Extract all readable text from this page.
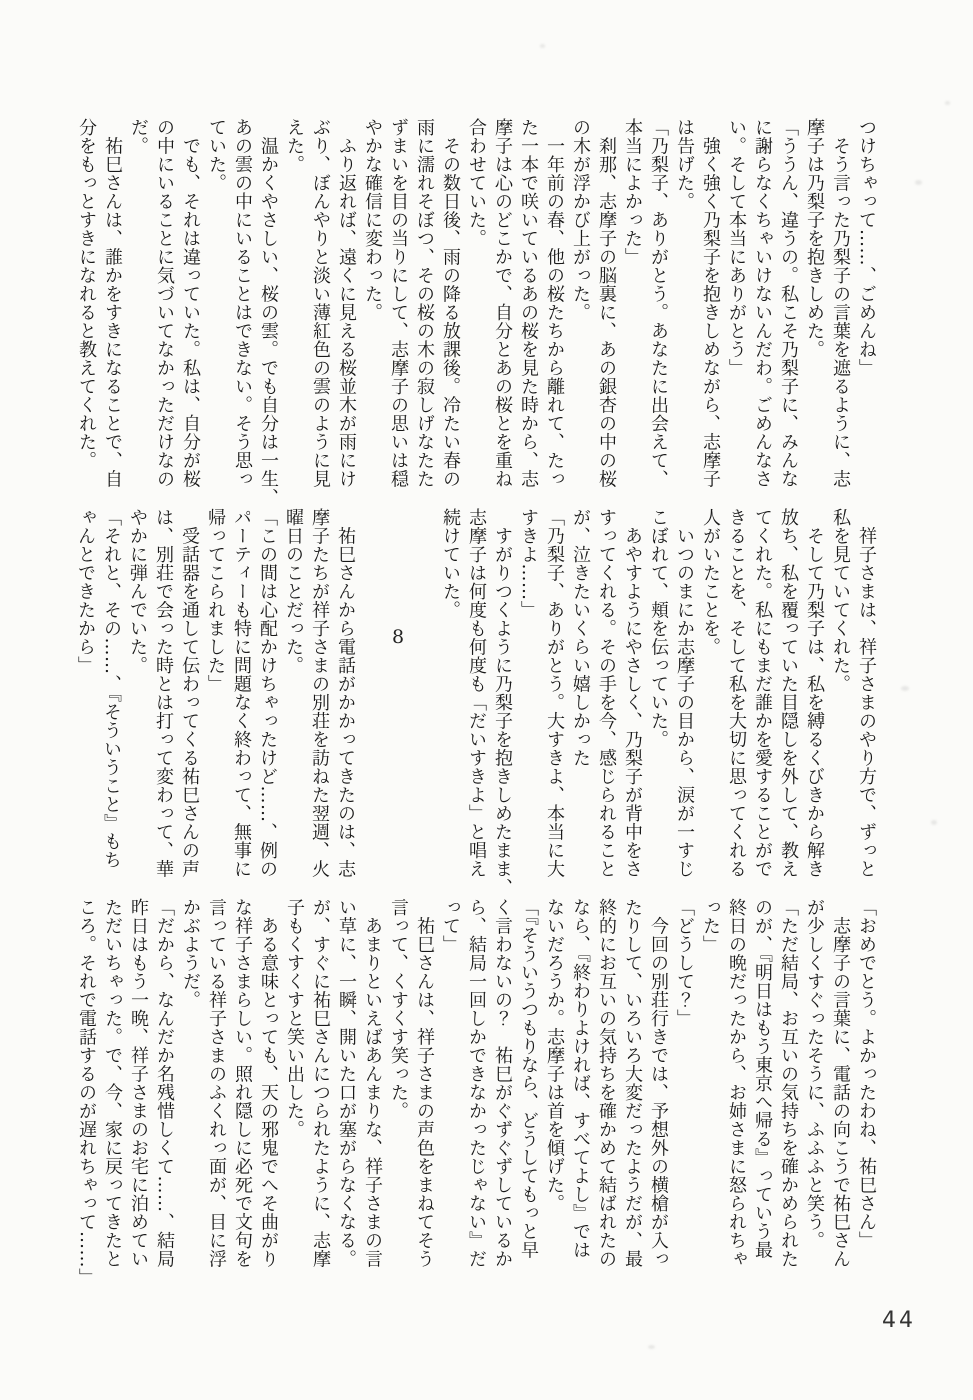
つけちゃって……、ごめんね」

　そう言った乃梨子の言葉を遮るように、志

摩子は乃梨子を抱きしめた。

「ううん、違うの。私こそ乃梨子に、みんな

に謝らなくちゃいけないんだわ。ごめんなさ

い。そして本当にありがとう」

　強く強く乃梨子を抱きしめながら、志摩子

は告げた。

「乃梨子、ありがとう。あなたに出会えて、

本当によかった」

　刹那、志摩子の脳裏に、あの銀杏の中の桜

の木が浮かび上がった。

　一年前の春、他の桜たちから離れて、たっ

た一本で咲いているあの桜を見た時から、志

摩子は心のどこかで、自分とあの桜とを重ね

合わせていた。

　その数日後、雨の降る放課後。冷たい春の

雨に濡れそぼつ、その桜の木の寂しげなたた

ずまいを目の当りにして、志摩子の思いは穏

やかな確信に変わった。

　ふり返れば、遠くに見える桜並木が雨にけ

ぶり、ぼんやりと淡い薄紅色の雲のように見

えた。

　温かくやさしい、桜の雲。でも自分は一生、

あの雲の中にいることはできない。そう思っ

ていた。

　でも、それは違っていた。私は、自分が桜

の中にいることに気づいてなかっただけなの

だ。

　祐巳さんは、誰かをすきになることで、自

分をもっとすきになれると教えてくれた。

　祥子さまは、祥子さまのやり方で、ずっと

私を見ていてくれた。

　そして乃梨子は、私を縛るくびきから解き

放ち、私を覆っていた目隠しを外して、教え

てくれた。私にもまだ誰かを愛することがで

きることを、そして私を大切に思ってくれる

人がいたことを。

　いつのまにか志摩子の目から、涙が一すじ

こぼれて、頬を伝っていた。

　あやすようにやさしく、乃梨子が背中をさ

すってくれる。その手を今、感じられること

が、泣きたいくらい嬉しかった

「乃梨子、ありがとう。大すきよ、本当に大

すきよ……」

　すがりつくように乃梨子を抱きしめたまま、

志摩子は何度も何度も「だいすきよ」と唱え

続けていた。

8

　祐巳さんから電話がかかってきたのは、志

摩子たちが祥子さまの別荘を訪ねた翌週、火

曜日のことだった。

「この間は心配かけちゃったけど……、例の

パーティーも特に問題なく終わって、無事に

帰ってこられました」

　受話器を通して伝わってくる祐巳さんの声

は、別荘で会った時とは打って変わって、華

やかに弾んでいた。

「それと、その……、『そういうこと』もち

ゃんとできたから」

「おめでとう。よかったわね、祐巳さん」

　志摩子の言葉に、電話の向こうで祐巳さん

が少しくすぐったそうに、ふふふと笑う。

「ただ結局、お互いの気持ちを確かめられた

のが、『明日はもう東京へ帰る』っていう最

終日の晩だったから、お姉さまに怒られちゃ

った」

「どうして？」

　今回の別荘行きでは、予想外の横槍が入っ

たりして、いろいろ大変だったようだが、最

終的にお互いの気持ちを確かめて結ばれたの

なら、『終わりよければ、すべてよし』では

ないだろうか。志摩子は首を傾げた。

「『そういうつもりなら、どうしてもっと早

く言わないの？　祐巳がぐずぐずしているか

ら、結局一回しかできなかったじゃない』だ

って」

　祐巳さんは、祥子さまの声色をまねてそう

言って、くすくす笑った。

　あまりといえばあんまりな、祥子さまの言

い草に、一瞬、開いた口が塞がらなくなる。

が、すぐに祐巳さんにつられたように、志摩

子もくすくすと笑い出した。

　ある意味とっても、天の邪鬼でへそ曲がり

な祥子さまらしい。照れ隠しに必死で文句を

言っている祥子さまのふくれっ面が、目に浮

かぶようだ。

「だから、なんだか名残惜しくて……、結局

昨日はもう一晩、祥子さまのお宅に泊めてい

ただいちゃった。で、今、家に戻ってきたと

ころ。それで電話するのが遅れちゃって……」

44
